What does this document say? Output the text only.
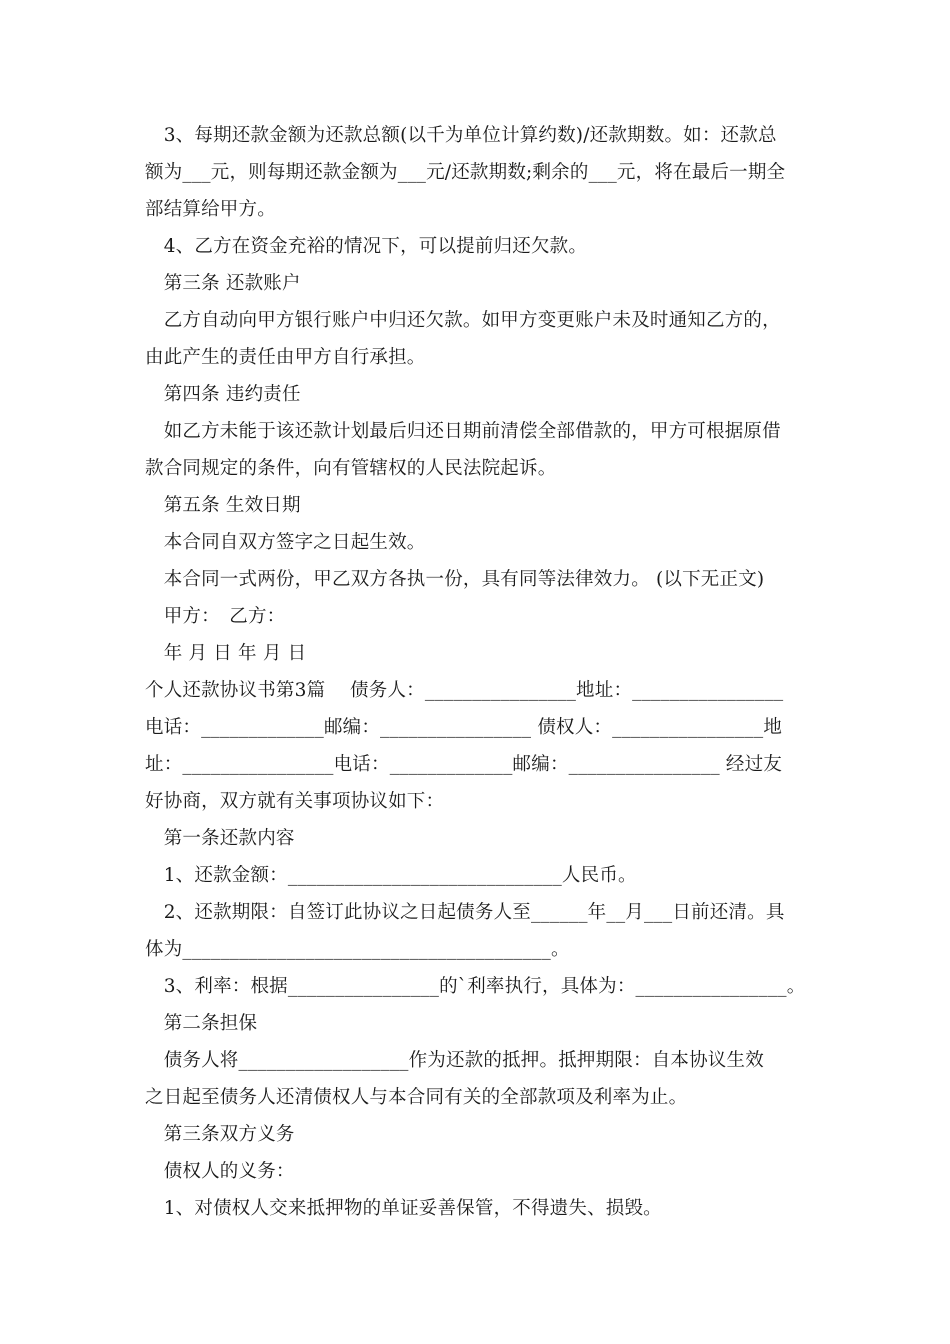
　3、每期还款金额为还款总额(以千为单位计算约数)/还款期数。如：还款总
额为___元，则每期还款金额为___元/还款期数;剩余的___元，将在最后一期全
部结算给甲方。
　4、乙方在资金充裕的情况下，可以提前归还欠款。
　第三条 还款账户
　乙方自动向甲方银行账户中归还欠款。如甲方变更账户未及时通知乙方的，
由此产生的责任由甲方自行承担。
　第四条 违约责任
　如乙方未能于该还款计划最后归还日期前清偿全部借款的，甲方可根据原借
款合同规定的条件，向有管辖权的人民法院起诉。
　第五条 生效日期
　本合同自双方签字之日起生效。
　本合同一式两份，甲乙双方各执一份，具有同等法律效力。 (以下无正文)
　甲方：　乙方：
　年 月 日 年 月 日
个人还款协议书第3篇　 债务人：________________地址：________________
电话：_____________邮编：________________ 债权人：________________地
址：________________电话：_____________邮编：________________ 经过友
好协商，双方就有关事项协议如下：
　第一条还款内容
　1、还款金额：_____________________________人民币。
　2、还款期限：自签订此协议之日起债务人至______年__月___日前还清。具
体为_______________________________________。
　3、利率：根据________________的`利率执行，具体为：________________。
　第二条担保
　债务人将__________________作为还款的抵押。抵押期限：自本协议生效
之日起至债务人还清债权人与本合同有关的全部款项及利率为止。
　第三条双方义务
　债权人的义务：
　1、对债权人交来抵押物的单证妥善保管，不得遗失、损毁。
